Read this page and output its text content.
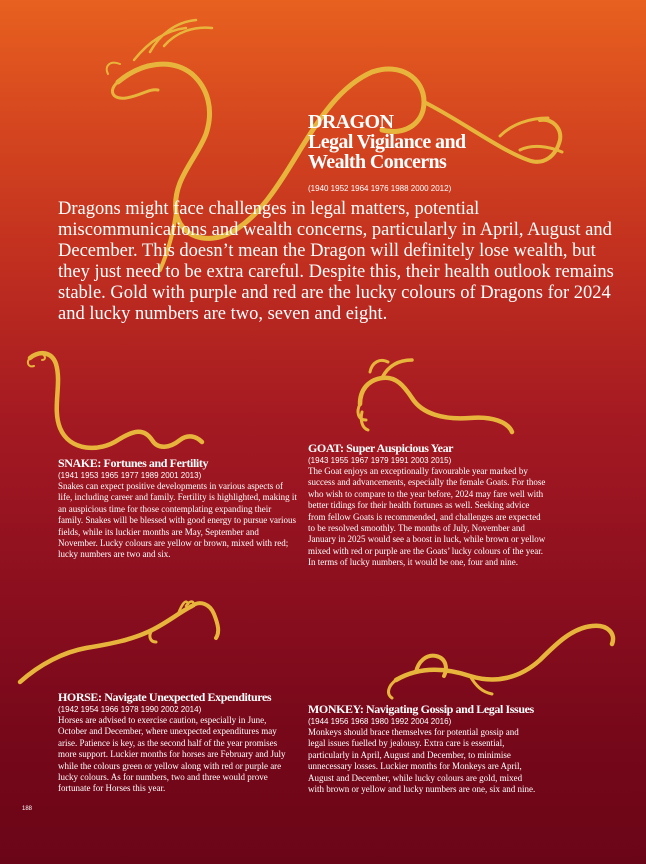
DRAGON
Legal Vigilance and
Wealth Concerns
(1940 1952 1964 1976 1988 2000 2012)
Dragons might face challenges in legal matters, potential miscommunications and wealth concerns, particularly in April, August and December. This doesn’t mean the Dragon will definitely lose wealth, but they just need to be extra careful. Despite this, their health outlook remains stable. Gold with purple and red are the lucky colours of Dragons for 2024 and lucky numbers are two, seven and eight.
SNAKE: Fortunes and Fertility
(1941 1953 1965 1977 1989 2001 2013)
Snakes can expect positive developments in various aspects of life, including career and family. Fertility is highlighted, making it an auspicious time for those contemplating expanding their family. Snakes will be blessed with good energy to pursue various fields, while its luckier months are May, September and November. Lucky colours are yellow or brown, mixed with red; lucky numbers are two and six.
GOAT: Super Auspicious Year
(1943 1955 1967 1979 1991 2003 2015)
The Goat enjoys an exceptionally favourable year marked by success and advancements, especially the female Goats. For those who wish to compare to the year before, 2024 may fare well with better tidings for their health fortunes as well. Seeking advice from fellow Goats is recommended, and challenges are expected to be resolved smoothly. The months of July, November and January in 2025 would see a boost in luck, while brown or yellow mixed with red or purple are the Goats’ lucky colours of the year. In terms of lucky numbers, it would be one, four and nine.
HORSE: Navigate Unexpected Expenditures
(1942 1954 1966 1978 1990 2002 2014)
Horses are advised to exercise caution, especially in June, October and December, where unexpected expenditures may arise. Patience is key, as the second half of the year promises more support. Luckier months for horses are February and July while the colours green or yellow along with red or purple are lucky colours. As for numbers, two and three would prove fortunate for Horses this year.
MONKEY: Navigating Gossip and Legal Issues
(1944 1956 1968 1980 1992 2004 2016)
Monkeys should brace themselves for potential gossip and legal issues fuelled by jealousy. Extra care is essential, particularly in April, August and December, to minimise unnecessary losses. Luckier months for Monkeys are April, August and December, while lucky colours are gold, mixed with brown or yellow and lucky numbers are one, six and nine.
188
